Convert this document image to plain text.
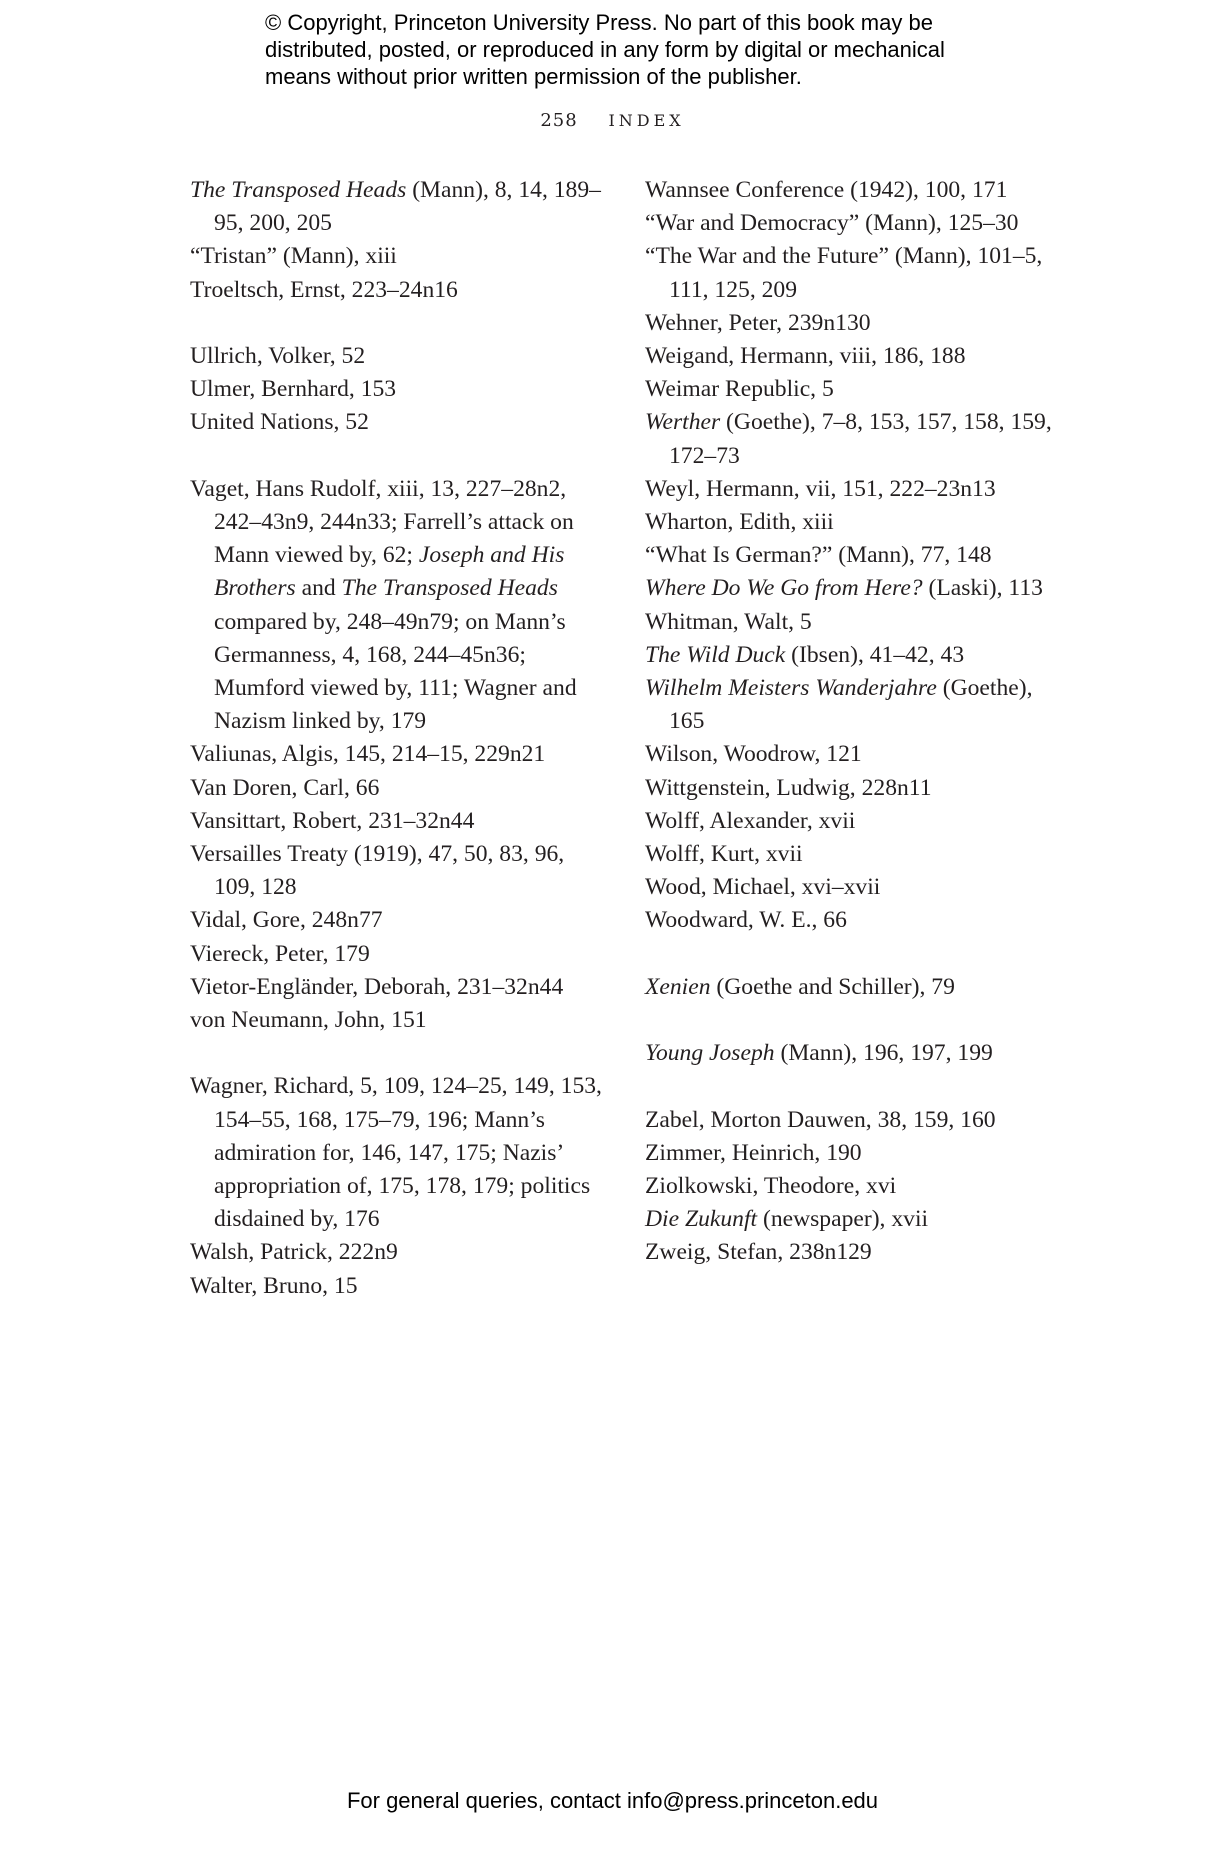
© Copyright, Princeton University Press. No part of this book may be
distributed, posted, or reproduced in any form by digital or mechanical
means without prior written permission of the publisher.
258 INDEX

The Transposed Heads (Mann), 8, 14, 189–95, 200, 205

“Tristan” (Mann), xiii

Troeltsch, Ernst, 223–24n16

Ullrich, Volker, 52

Ulmer, Bernhard, 153

United Nations, 52

Vaget, Hans Rudolf, xiii, 13, 227–28n2, 242–43n9, 244n33; Farrell’s attack on Mann viewed by, 62; Joseph and His Brothers and The Transposed Heads compared by, 248–49n79; on Mann’s Germanness, 4, 168, 244–45n36; Mumford viewed by, 111; Wagner and Nazism linked by, 179

Valiunas, Algis, 145, 214–15, 229n21

Van Doren, Carl, 66

Vansittart, Robert, 231–32n44

Versailles Treaty (1919), 47, 50, 83, 96, 109, 128

Vidal, Gore, 248n77

Viereck, Peter, 179

Vietor-Engländer, Deborah, 231–32n44

von Neumann, John, 151

Wagner, Richard, 5, 109, 124–25, 149, 153, 154–55, 168, 175–79, 196; Mann’s admiration for, 146, 147, 175; Nazis’ appropriation of, 175, 178, 179; politics disdained by, 176

Walsh, Patrick, 222n9

Walter, Bruno, 15

Wannsee Conference (1942), 100, 171

“War and Democracy” (Mann), 125–30

“The War and the Future” (Mann), 101–5, 111, 125, 209

Wehner, Peter, 239n130

Weigand, Hermann, viii, 186, 188

Weimar Republic, 5

Werther (Goethe), 7–8, 153, 157, 158, 159, 172–73

Weyl, Hermann, vii, 151, 222–23n13

Wharton, Edith, xiii

“What Is German?” (Mann), 77, 148

Where Do We Go from Here? (Laski), 113

Whitman, Walt, 5

The Wild Duck (Ibsen), 41–42, 43

Wilhelm Meisters Wanderjahre (Goethe), 165

Wilson, Woodrow, 121

Wittgenstein, Ludwig, 228n11

Wolff, Alexander, xvii

Wolff, Kurt, xvii

Wood, Michael, xvi–xvii

Woodward, W. E., 66

Xenien (Goethe and Schiller), 79

Young Joseph (Mann), 196, 197, 199

Zabel, Morton Dauwen, 38, 159, 160

Zimmer, Heinrich, 190

Ziolkowski, Theodore, xvi

Die Zukunft (newspaper), xvii

Zweig, Stefan, 238n129

For general queries, contact info@press.princeton.edu
